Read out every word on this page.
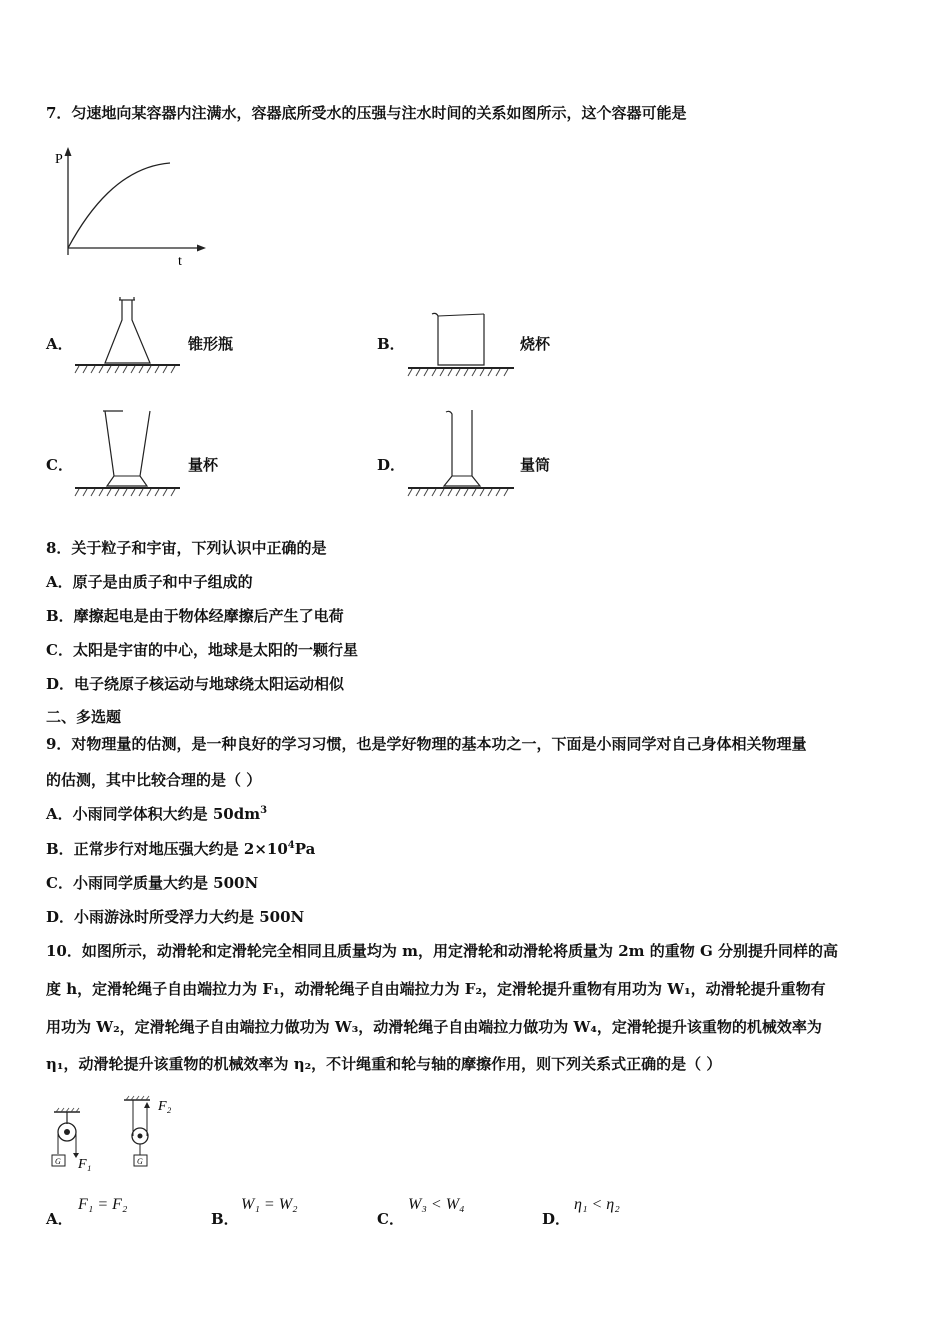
7．匀速地向某容器内注满水，容器底所受水的压强与注水时间的关系如图所示，这个容器可能是
P
t
A．	锥形瓶	B．	烧杯
C．	量杯	D．	量筒
8．关于粒子和宇宙，下列认识中正确的是
A．原子是由质子和中子组成的
B．摩擦起电是由于物体经摩擦后产生了电荷
C．太阳是宇宙的中心，地球是太阳的一颗行星
D．电子绕原子核运动与地球绕太阳运动相似
二、多选题
9．对物理量的估测，是一种良好的学习习惯，也是学好物理的基本功之一，下面是小雨同学对自己身体相关物理量
的估测，其中比较合理的是（ ）
A．小雨同学体积大约是 $50dm^3$
B．正常步行对地压强大约是 $2\times 10^4Pa$
C．小雨同学质量大约是 500N
D．小雨游泳时所受浮力大约是 500N
10．如图所示，动滑轮和定滑轮完全相同且质量均为 m，用定滑轮和动滑轮将质量为 2m 的重物 G 分别提升同样的高
度 h，定滑轮绳子自由端拉力为 F₁，动滑轮绳子自由端拉力为 F₂，定滑轮提升重物有用功为 W₁，动滑轮提升重物有
用功为 W₂，定滑轮绳子自由端拉力做功为 W₃，动滑轮绳子自由端拉力做功为 W₄，定滑轮提升该重物的机械效率为
η₁，动滑轮提升该重物的机械效率为 η₂，不计绳重和轮与轴的摩擦作用，则下列关系式正确的是（ ）
G F₁	G
F₂
A．
F₁ = F₂
B．
W₁ = W₂
C．
W₃ < W₄
D．
η₁ < η₂
